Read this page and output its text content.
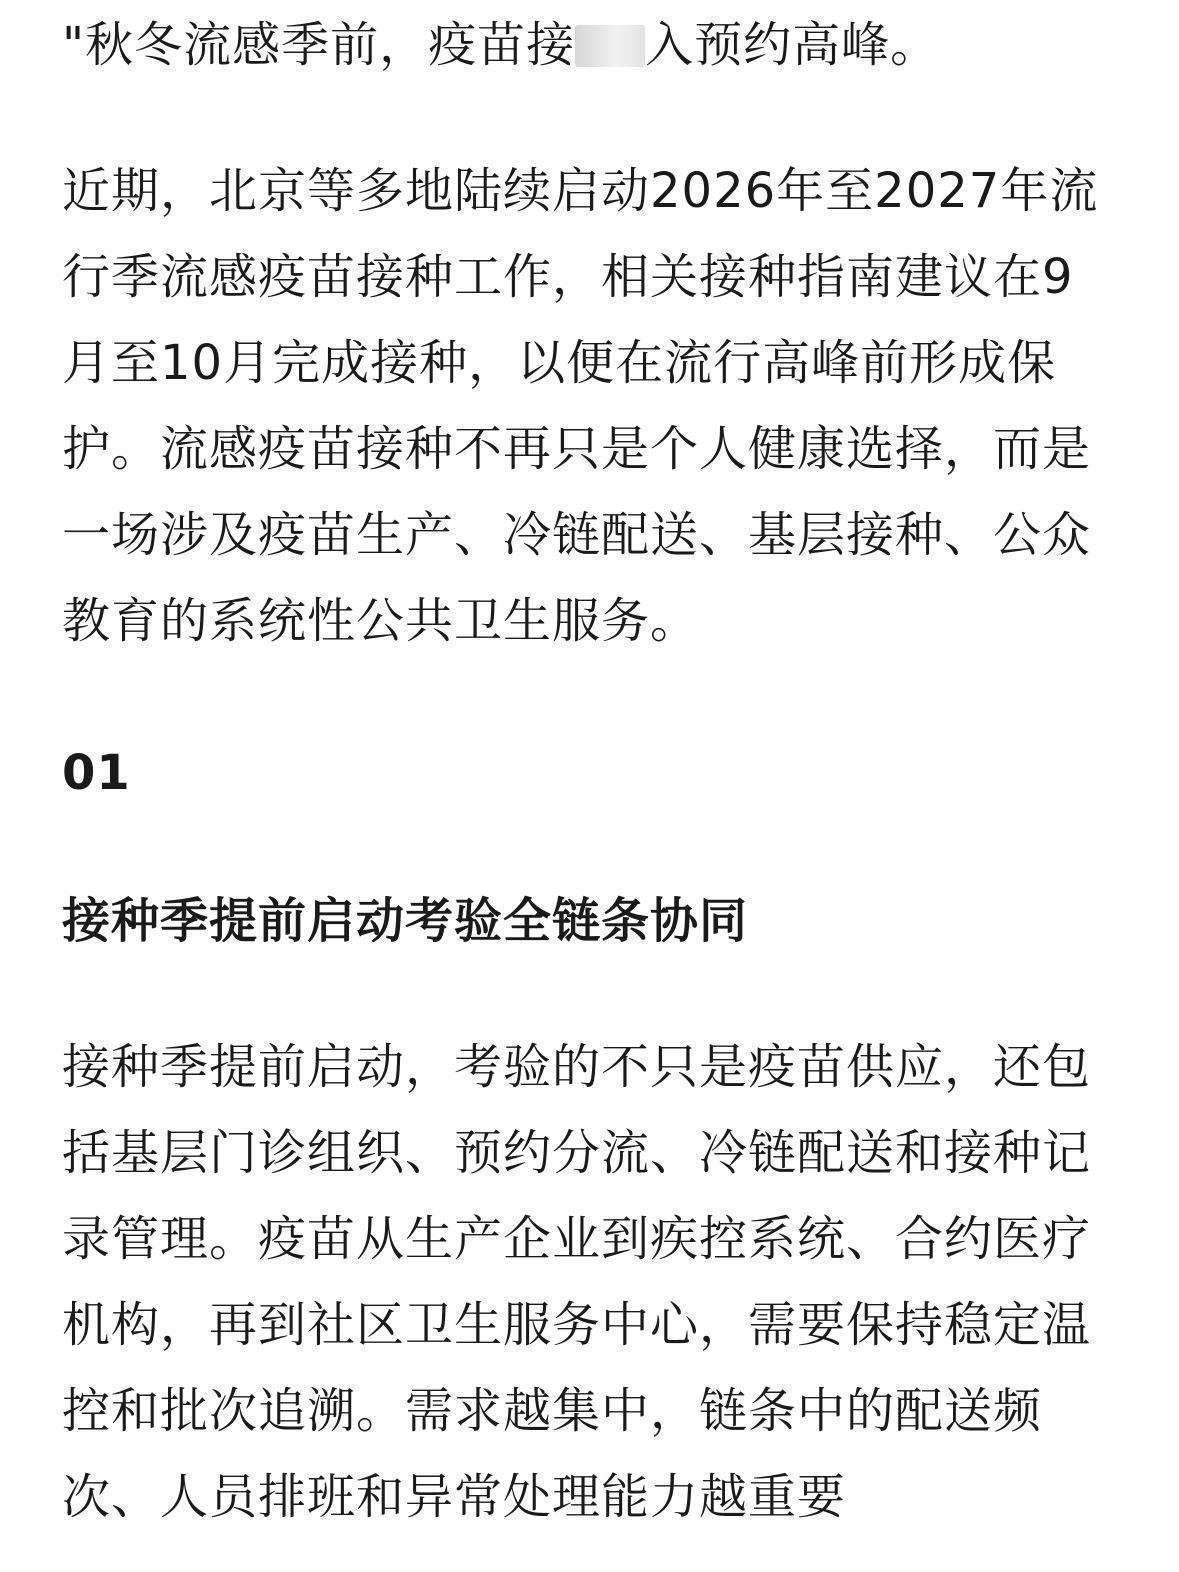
"秋冬流感季前，疫苗接 入预约高峰。

近期，北京等多地陆续启动2026年至2027年流行季流感疫苗接种工作，相关接种指南建议在9月至10月完成接种，以便在流行高峰前形成保护。流感疫苗接种不再只是个人健康选择，而是一场涉及疫苗生产、冷链配送、基层接种、公众教育的系统性公共卫生服务。

01

接种季提前启动考验全链条协同

接种季提前启动，考验的不只是疫苗供应，还包括基层门诊组织、预约分流、冷链配送和接种记录管理。疫苗从生产企业到疾控系统、合约医疗机构，再到社区卫生服务中心，需要保持稳定温控和批次追溯。需求越集中，链条中的配送频次、人员排班和异常处理能力越重要
